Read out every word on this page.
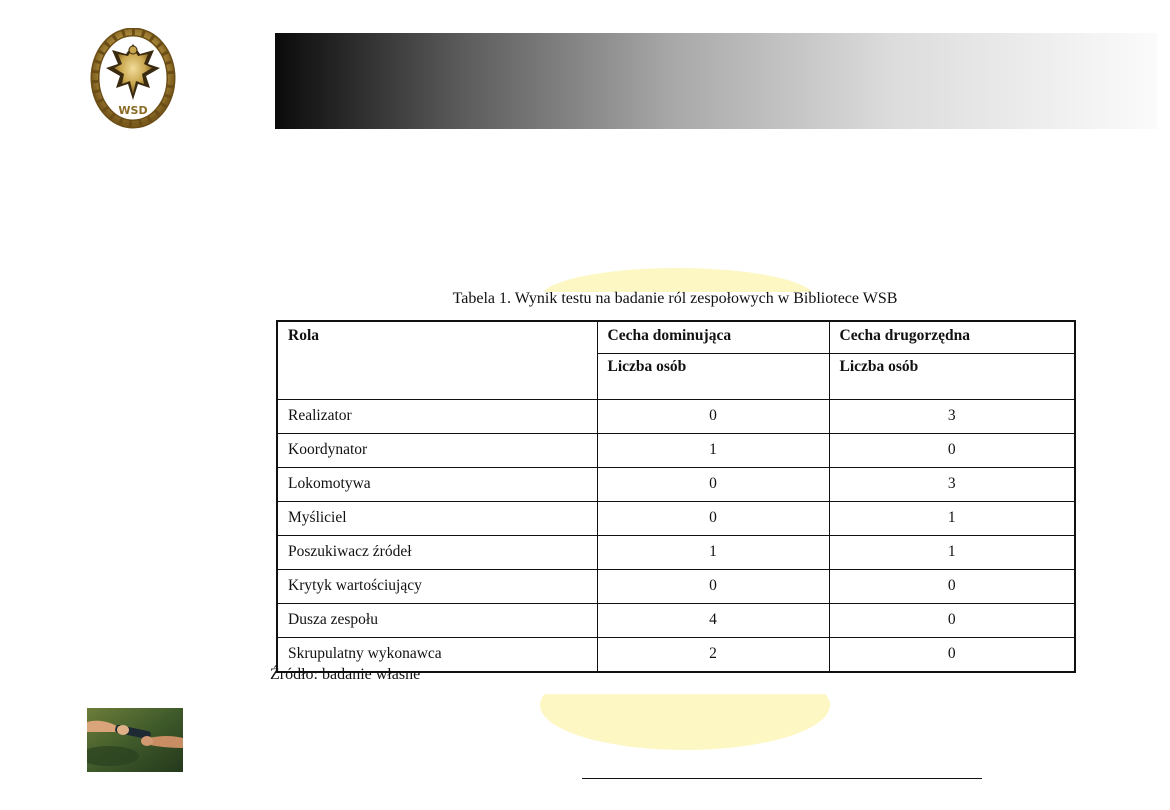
WSD
Tabela 1. Wynik testu na badanie ról zespołowych w Bibliotece WSB
Rola	Cecha dominująca	Cecha drugorzędna
	Liczba osób	Liczba osób
Realizator	0	3
Koordynator	1	0
Lokomotywa	0	3
Myśliciel	0	1
Poszukiwacz źródeł	1	1
Krytyk wartościujący	0	0
Dusza zespołu	4	0
Skrupulatny wykonawca	2	0
Źródło: badanie własne
